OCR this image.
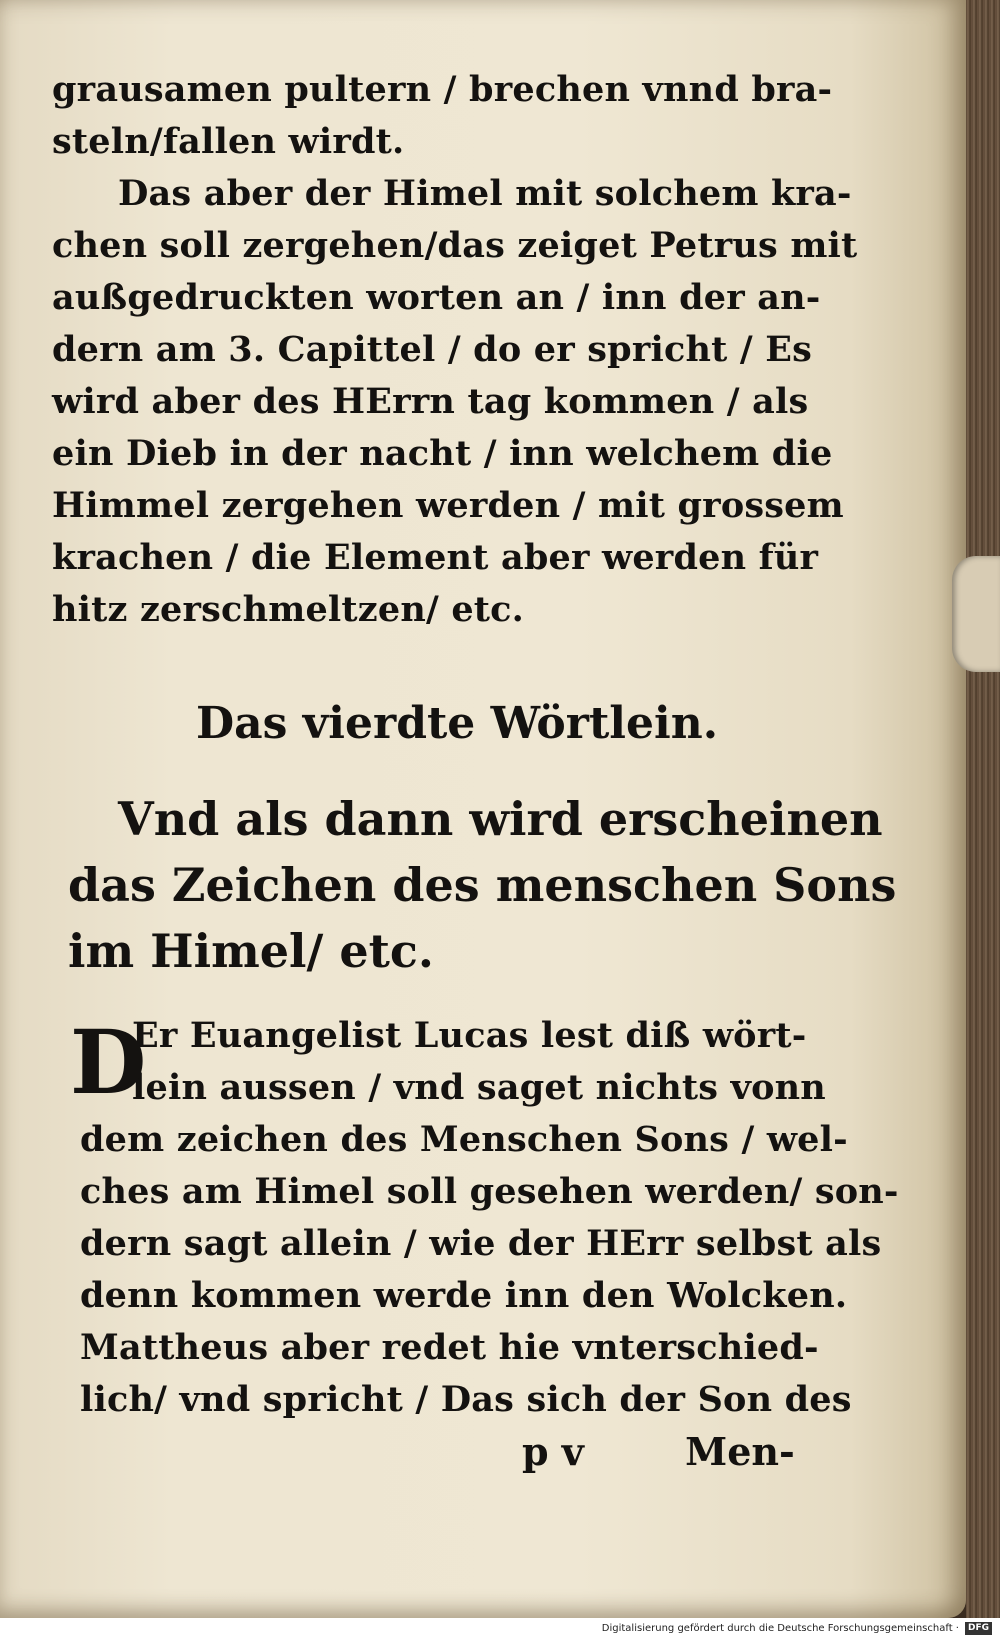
grausamen pultern / brechen vnnd bra-
steln/fallen wirdt.
Das aber der Himel mit solchem kra-
chen soll zergehen/das zeiget Petrus mit
außgedruckten worten an / inn der an-
dern am 3. Capittel / do er spricht / Es
wird aber des HErrn tag kommen / als
ein Dieb in der nacht / inn welchem die
Himmel zergehen werden / mit grossem
krachen / die Element aber werden für
hitz zerschmeltzen/ etc.
Das vierdte Wörtlein.
Vnd als dann wird erscheinen
das Zeichen des menschen Sons
im Himel/ etc.
D
Er Euangelist Lucas lest diß wört-
lein aussen / vnd saget nichts vonn
dem zeichen des Menschen Sons / wel-
ches am Himel soll gesehen werden/ son-
dern sagt allein / wie der HErr selbst als
denn kommen werde inn den Wolcken.
Mattheus aber redet hie vnterschied-
lich/ vnd spricht / Das sich der Son des
p v	Men-
Digitalisierung gefördert durch die Deutsche Forschungsgemeinschaft · DFG
